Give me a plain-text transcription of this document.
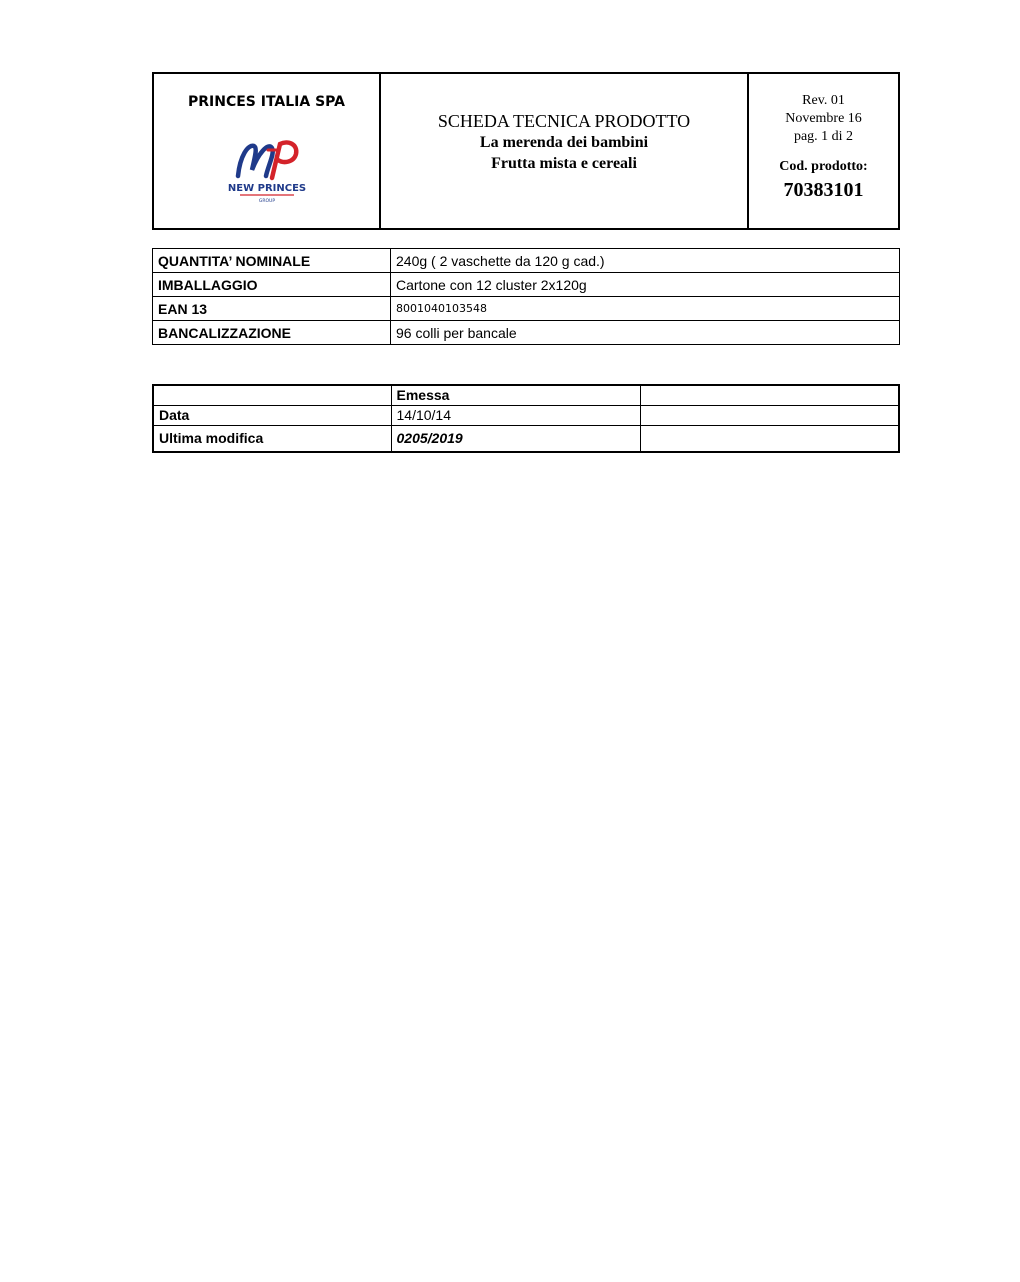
PRINCES ITALIA SPA
NEW PRINCES
GROUP
SCHEDA TECNICA PRODOTTO
La merenda dei bambini
Frutta mista e cereali
Rev. 01
Novembre 16
pag. 1 di 2
Cod. prodotto:
70383101
QUANTITA’ NOMINALE	240g ( 2 vaschette da 120 g cad.)
IMBALLAGGIO	Cartone con 12 cluster 2x120g
EAN 13	8001040103548
BANCALIZZAZIONE	96 colli per bancale
	Emessa	
Data	14/10/14	
Ultima modifica	0205/2019	
